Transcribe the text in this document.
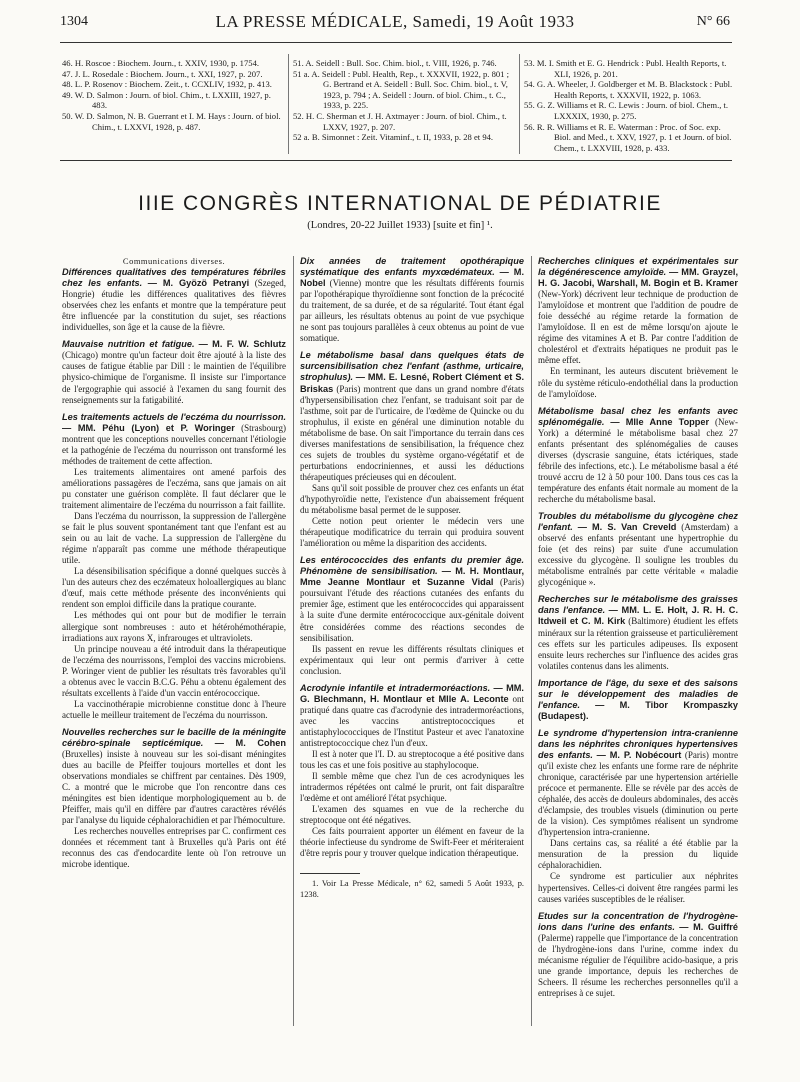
1304	LA PRESSE MÉDICALE, Samedi, 19 Août 1933	N° 66

46. H. Roscoe : Biochem. Journ., t. XXIV, 1930, p. 1754.

47. J. L. Rosedale : Biochem. Journ., t. XXI, 1927, p. 207.

48. L. P. Rosenov : Biochem. Zeit., t. CCXLIV, 1932, p. 413.

49. W. D. Salmon : Journ. of biol. Chim., t. LXXIII, 1927, p. 483.

50. W. D. Salmon, N. B. Guerrant et I. M. Hays : Journ. of biol. Chim., t. LXXVI, 1928, p. 487.

51. A. Seidell : Bull. Soc. Chim. biol., t. VIII, 1926, p. 746.

51 a. A. Seidell : Publ. Health, Rep., t. XXXVII, 1922, p. 801 ; G. Bertrand et A. Seidell : Bull. Soc. Chim. biol., t. V, 1923, p. 794 ; A. Seidell : Journ. of biol. Chim., t. C., 1933, p. 225.

52. H. C. Sherman et J. H. Axtmayer : Journ. of biol. Chim., t. LXXV, 1927, p. 207.

52 a. B. Simonnet : Zeit. Vitaminf., t. II, 1933, p. 28 et 94.

53. M. I. Smith et E. G. Hendrick : Publ. Health Reports, t. XLI, 1926, p. 201.

54. G. A. Wheeler, J. Goldberger et M. B. Blackstock : Publ. Health Reports, t. XXXVII, 1922, p. 1063.

55. G. Z. Williams et R. C. Lewis : Journ. of biol. Chem., t. LXXXIX, 1930, p. 275.

56. R. R. Williams et R. E. Waterman : Proc. of Soc. exp. Biol. and Med., t. XXV, 1927, p. 1 et Journ. of biol. Chem., t. LXXVIII, 1928, p. 433.

IIIE CONGRÈS INTERNATIONAL DE PÉDIATRIE
(Londres, 20-22 Juillet 1933) [suite et fin] ¹.

Communications diverses.

Différences qualitatives des températures fébriles chez les enfants. — M. Gyözö Petranyi (Szeged, Hongrie) étudie les différences qualitatives des fièvres observées chez les enfants et montre que la température peut être influencée par la constitution du sujet, ses réactions individuelles, son âge et la cause de la fièvre.

Mauvaise nutrition et fatigue. — M. F. W. Schlutz (Chicago) montre qu'un facteur doit être ajouté à la liste des causes de fatigue établie par Dill : le maintien de l'équilibre physico-chimique de l'organisme. Il insiste sur l'importance de l'ergographie qui associé à l'examen du sang fournit des renseignements sur la fatigabilité.

Les traitements actuels de l'eczéma du nourrisson. — MM. Péhu (Lyon) et P. Woringer (Strasbourg) montrent que les conceptions nouvelles concernant l'étiologie et la pathogénie de l'eczéma du nourrisson ont transformé les méthodes de traitement de cette affection.

Les traitements alimentaires ont amené parfois des améliorations passagères de l'eczéma, sans que jamais on ait pu constater une guérison complète. Il faut déclarer que le traitement alimentaire de l'eczéma du nourrisson a fait faillite.

Dans l'eczéma du nourrisson, la suppression de l'allergène se fait le plus souvent spontanément tant que l'enfant est au sein ou au lait de vache. La suppression de l'allergène du régime n'apparaît pas comme une méthode thérapeutique utile.

La désensibilisation spécifique a donné quelques succès à l'un des auteurs chez des eczémateux holoallergiques au blanc d'œuf, mais cette méthode présente des inconvénients qui rendent son emploi difficile dans la pratique courante.

Les méthodes qui ont pour but de modifier le terrain allergique sont nombreuses : auto et hétérohémothérapie, irradiations aux rayons X, infrarouges et ultraviolets.

Un principe nouveau a été introduit dans la thérapeutique de l'eczéma des nourrissons, l'emploi des vaccins microbiens. P. Woringer vient de publier les résultats très favorables qu'il a obtenus avec le vaccin B.C.G. Péhu a obtenu également des résultats excellents à l'aide d'un vaccin entérococcique.

La vaccinothérapie microbienne constitue donc à l'heure actuelle le meilleur traitement de l'eczéma du nourrisson.

Nouvelles recherches sur le bacille de la méningite cérébro-spinale septicémique. — M. Cohen (Bruxelles) insiste à nouveau sur les soi-disant méningites dues au bacille de Pfeiffer toujours mortelles et dont les observations mondiales se chiffrent par centaines. Dès 1909, C. a montré que le microbe que l'on rencontre dans ces méningites est bien identique morphologiquement au b. de Pfeiffer, mais qu'il en diffère par d'autres caractères révélés par l'analyse du liquide céphalorachidien et par l'hémoculture.

Les recherches nouvelles entreprises par C. confirment ces données et récemment tant à Bruxelles qu'à Paris ont été reconnus des cas d'endocardite lente où l'on retrouve un microbe identique.

Dix années de traitement opothérapique systématique des enfants myxœdémateux. — M. Nobel (Vienne) montre que les résultats différents fournis par l'opothérapique thyroïdienne sont fonction de la précocité du traitement, de sa durée, et de sa régularité. Tout étant égal par ailleurs, les résultats obtenus au point de vue psychique ne sont pas toujours parallèles à ceux obtenus au point de vue somatique.

Le métabolisme basal dans quelques états de surcensibilisation chez l'enfant (asthme, urticaire, strophulus). — MM. E. Lesné, Robert Clément et S. Briskas (Paris) montrent que dans un grand nombre d'états d'hypersensibilisation chez l'enfant, se traduisant soit par de l'asthme, soit par de l'urticaire, de l'œdème de Quincke ou du strophulus, il existe en général une diminution notable du métabolisme de base. On sait l'importance du terrain dans ces diverses manifestations de sensibilisation, la fréquence chez ces sujets de troubles du système organo-végétatif et de perturbations endocriniennes, et aussi les déductions thérapeutiques précieuses qui en découlent.

Sans qu'il soit possible de prouver chez ces enfants un état d'hypothyroïdie nette, l'existence d'un abaissement fréquent du métabolisme basal permet de le supposer.

Cette notion peut orienter le médecin vers une thérapeutique modificatrice du terrain qui produira souvent l'amélioration ou même la disparition des accidents.

Les entérococcides des enfants du premier âge. Phénomène de sensibilisation. — M. H. Montlaur, Mme Jeanne Montlaur et Suzanne Vidal (Paris) poursuivant l'étude des réactions cutanées des enfants du premier âge, estiment que les entérococcides qui apparaissent à la suite d'une dermite entérococcique aux-génitale doivent être considérées comme des réactions secondes de sensibilisation.

Ils passent en revue les différents résultats cliniques et expérimentaux qui leur ont permis d'arriver à cette conclusion.

Acrodynie infantile et intradermoréactions. — MM. G. Blechmann, H. Montlaur et Mlle A. Leconte ont pratiqué dans quatre cas d'acrodynie des intradermoréactions, avec les vaccins antistreptococciques et antistaphylococciques de l'Institut Pasteur et avec l'anatoxine antistreptococcique chez l'un d'eux.

Il est à noter que l'I. D. au streptocoque a été positive dans tous les cas et une fois positive au staphylocoque.

Il semble même que chez l'un de ces acrodyniques les intradermos répétées ont calmé le prurit, ont fait disparaître l'œdème et ont amélioré l'état psychique.

L'examen des squames en vue de la recherche du streptocoque ont été négatives.

Ces faits pourraient apporter un élément en faveur de la théorie infectieuse du syndrome de Swift-Feer et mériteraient d'être repris pour y trouver quelque indication thérapeutique.

1. Voir La Presse Médicale, n° 62, samedi 5 Août 1933, p. 1238.

Recherches cliniques et expérimentales sur la dégénérescence amyloïde. — MM. Grayzel, H. G. Jacobi, Warshall, M. Bogin et B. Kramer (New-York) décrivent leur technique de production de l'amyloïdose et montrent que l'addition de poudre de foie desséché au régime retarde la formation de l'amyloïdose. Il en est de même lorsqu'on ajoute le régime des vitamines A et B. Par contre l'addition de cholestérol et d'extraits hépatiques ne produit pas le même effet.

En terminant, les auteurs discutent brièvement le rôle du système réticulo-endothélial dans la production de l'amyloïdose.

Métabolisme basal chez les enfants avec splénomégalie. — Mlle Anne Topper (New-York) a déterminé le métabolisme basal chez 27 enfants présentant des splénomégalies de causes diverses (dyscrasie sanguine, états ictériques, stade fébrile des infections, etc.). Le métabolisme basal a été trouvé accru de 12 à 50 pour 100. Dans tous ces cas la température des enfants était normale au moment de la recherche du métabolisme basal.

Troubles du métabolisme du glycogène chez l'enfant. — M. S. Van Creveld (Amsterdam) a observé des enfants présentant une hypertrophie du foie (et des reins) par suite d'une accumulation excessive du glycogène. Il souligne les troubles du métabolisme entraînés par cette véritable « maladie glycogénique ».

Recherches sur le métabolisme des graisses dans l'enfance. — MM. L. E. Holt, J. R. H. C. Itdweil et C. M. Kirk (Baltimore) étudient les effets minéraux sur la rétention graisseuse et particulièrement ces effets sur les particules adipeuses. Ils exposent ensuite leurs recherches sur l'influence des acides gras volatiles contenus dans les aliments.

Importance de l'âge, du sexe et des saisons sur le développement des maladies de l'enfance. — M. Tibor Krompaszky (Budapest).

Le syndrome d'hypertension intra-cranienne dans les néphrites chroniques hypertensives des enfants. — M. P. Nobécourt (Paris) montre qu'il existe chez les enfants une forme rare de néphrite chronique, caractérisée par une hypertension artérielle précoce et permanente. Elle se révèle par des accès de céphalée, des accès de douleurs abdominales, des accès d'éclampsie, des troubles visuels (diminution ou perte de la vision). Ces symptômes réalisent un syndrome d'hypertension intra-cranienne.

Dans certains cas, sa réalité a été établie par la mensuration de la pression du liquide céphalorachidien.

Ce syndrome est particulier aux néphrites hypertensives. Celles-ci doivent être rangées parmi les causes variées susceptibles de le réaliser.

Etudes sur la concentration de l'hydrogène-ions dans l'urine des enfants. — M. Guiffré (Palerme) rappelle que l'importance de la concentration de l'hydrogène-ions dans l'urine, comme index du mécanisme régulier de l'équilibre acido-basique, a pris une grande importance, depuis les recherches de Scheers. Il résume les recherches personnelles qu'il a entreprises à ce sujet.
